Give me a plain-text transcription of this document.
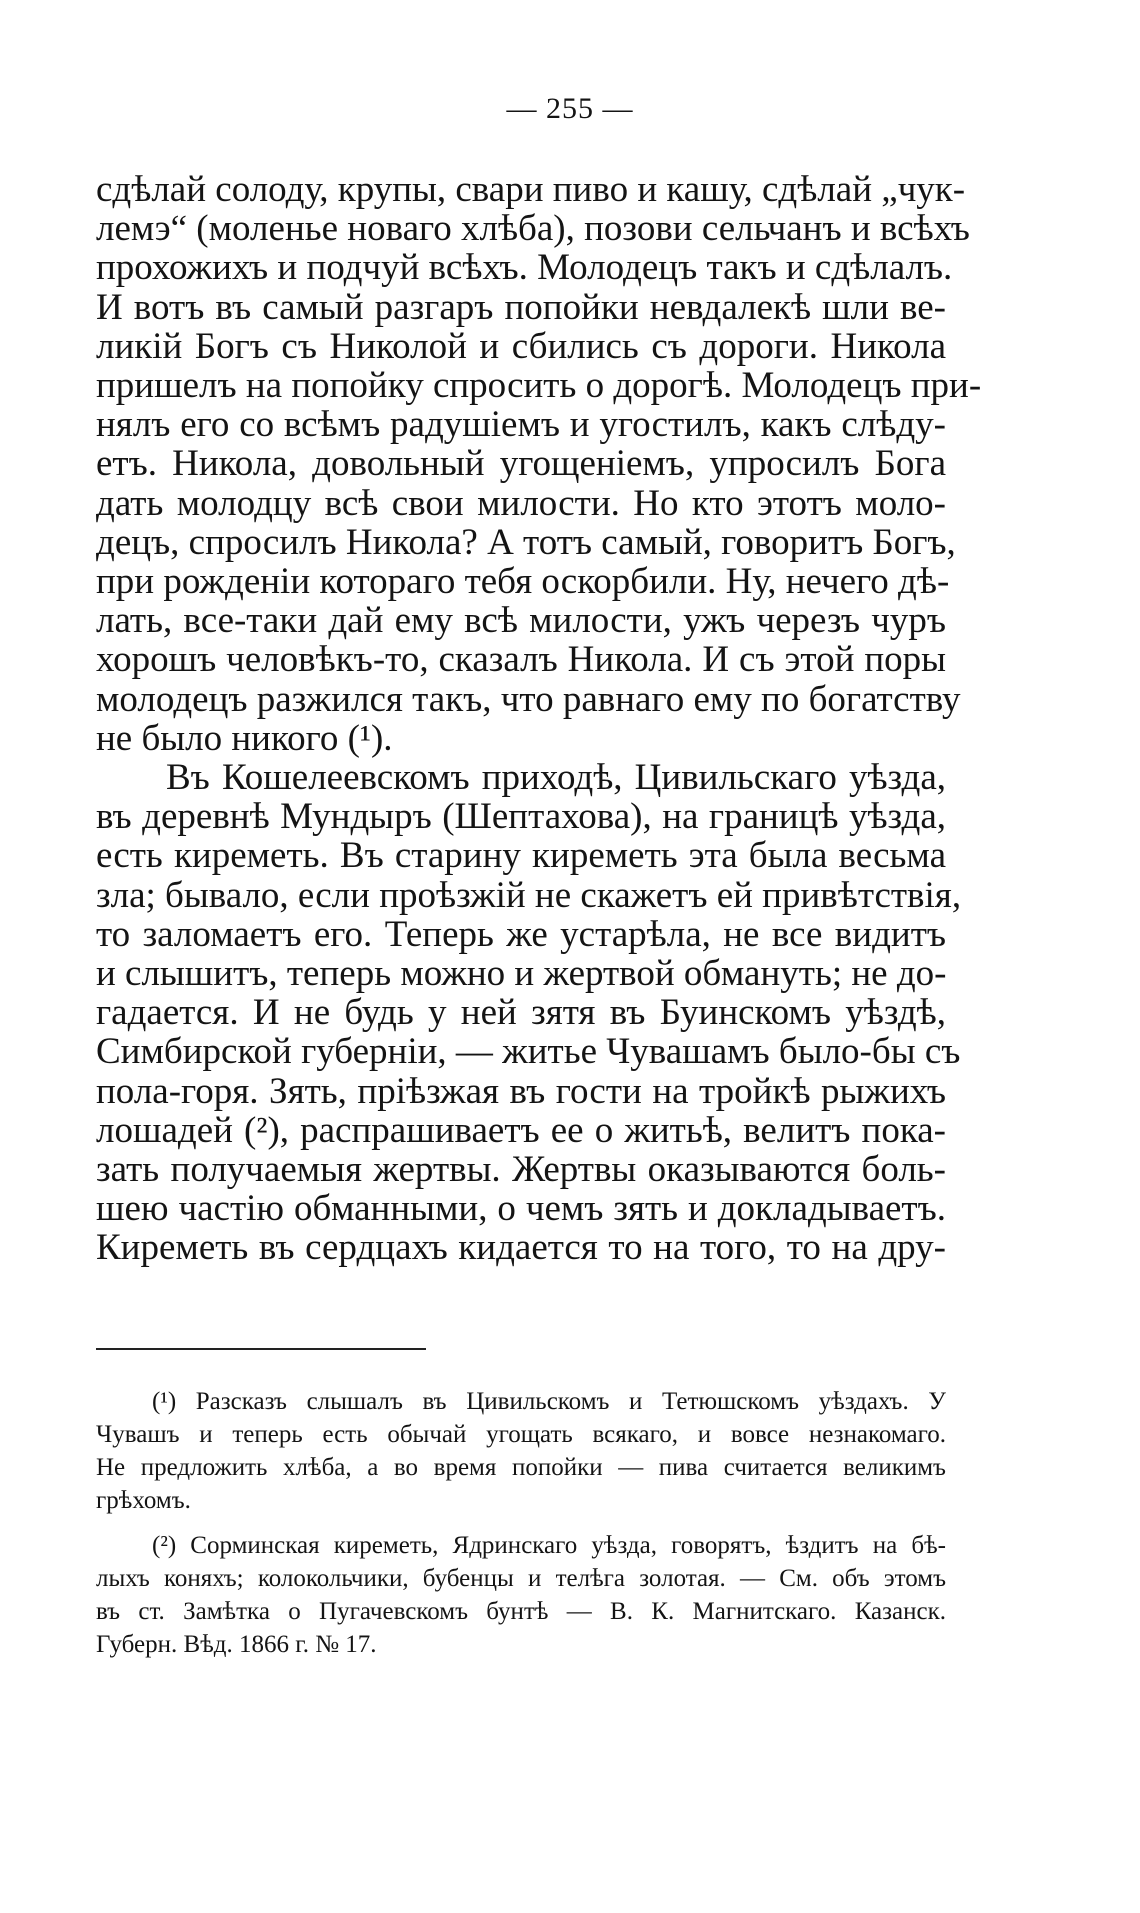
— 255 —
сдѣлай солоду, крупы, свари пиво и кашу, сдѣлай „чук-
лемэ“ (моленье новаго хлѣба), позови сельчанъ и всѣхъ
прохожихъ и подчуй всѣхъ. Молодецъ такъ и сдѣлалъ.
И вотъ въ самый разгаръ попойки невдалекѣ шли ве-
ликій Богъ съ Николой и сбились съ дороги. Никола
пришелъ на попойку спросить о дорогѣ. Молодецъ при-
нялъ его со всѣмъ радушіемъ и угостилъ, какъ слѣду-
етъ. Никола, довольный угощеніемъ, упросилъ Бога
дать молодцу всѣ свои милости. Но кто этотъ моло-
децъ, спросилъ Никола? А тотъ самый, говоритъ Богъ,
при рожденіи котораго тебя оскорбили. Ну, нечего дѣ-
лать, все-таки дай ему всѣ милости, ужъ черезъ чуръ
хорошъ человѣкъ-то, сказалъ Никола. И съ этой поры
молодецъ разжился такъ, что равнаго ему по богатству
не было никого (¹).
Въ Кошелеевскомъ приходѣ, Цивильскаго уѣзда,
въ деревнѣ Мундыръ (Шептахова), на границѣ уѣзда,
есть киреметь. Въ старину киреметь эта была весьма
зла; бывало, если проѣзжій не скажетъ ей привѣтствія,
то заломаетъ его. Теперь же устарѣла, не все видитъ
и слышитъ, теперь можно и жертвой обмануть; не до-
гадается. И не будь у ней зятя въ Буинскомъ уѣздѣ,
Симбирской губерніи, — житье Чувашамъ было-бы съ
пола-горя. Зять, пріѣзжая въ гости на тройкѣ рыжихъ
лошадей (²), распрашиваетъ ее о житьѣ, велитъ пока-
зать получаемыя жертвы. Жертвы оказываются боль-
шею частію обманными, о чемъ зять и докладываетъ.
Киреметь въ сердцахъ кидается то на того, то на дру-
(¹) Разсказъ слышалъ въ Цивильскомъ и Тетюшскомъ уѣздахъ. У
Чувашъ и теперь есть обычай угощать всякаго, и вовсе незнакомаго.
Не предложить хлѣба, а во время попойки — пива считается великимъ
грѣхомъ.
(²) Сорминская киреметь, Ядринскаго уѣзда, говорятъ, ѣздитъ на бѣ-
лыхъ коняхъ; колокольчики, бубенцы и телѣга золотая. — См. объ этомъ
въ ст. Замѣтка о Пугачевскомъ бунтѣ — В. К. Магнитскаго. Казанск.
Губерн. Вѣд. 1866 г. № 17.
